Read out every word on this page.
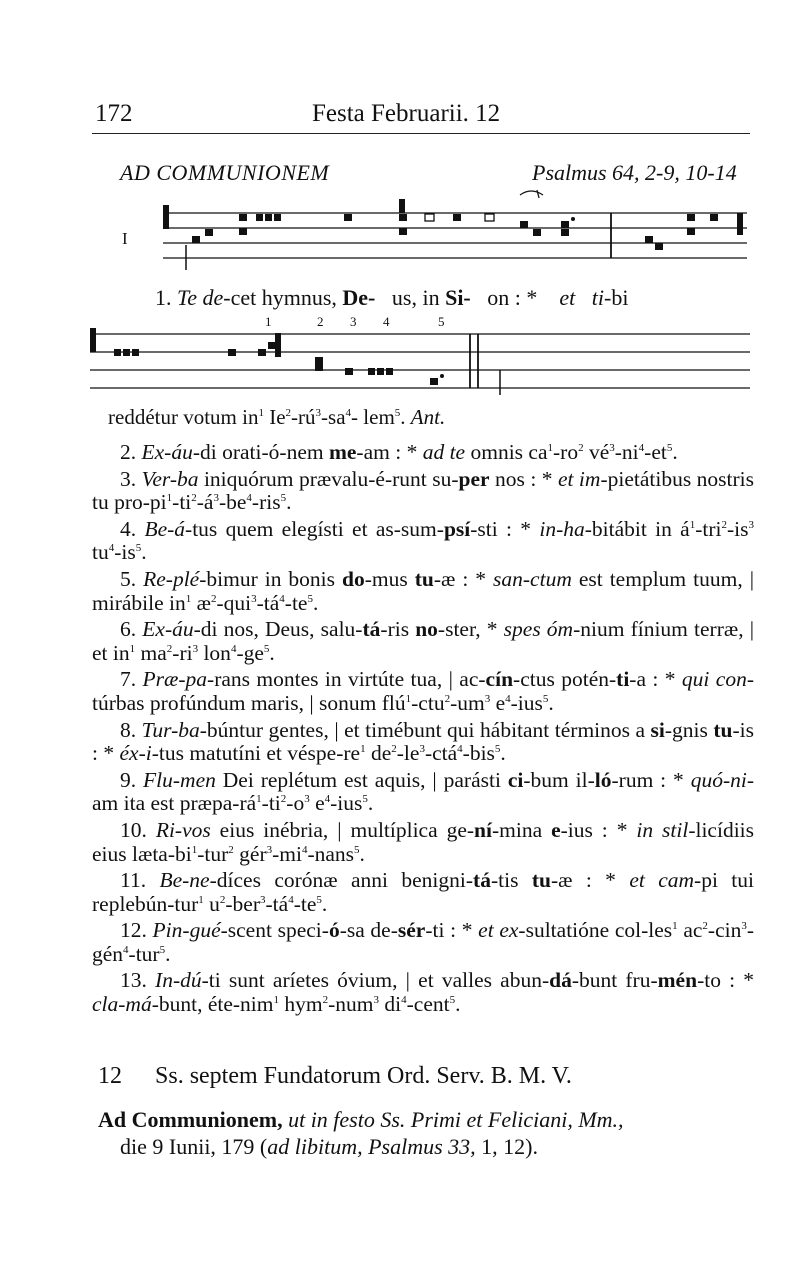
172	Festa Februarii. 12
AD COMMUNIONEM	Psalmus 64, 2-9, 10-14
I
1. Te de-cet hymnus, De- us, in Si- on : * et ti-bi
1	2 3 4	5
reddétur votum $in^1$ $Ie^2-rú^3-sa^4-$ lem$^5$. Ant.

2. Ex-áu-di orati-ó-nem me-am : * ad te omnis $ca^1-ro^2$ $vé^3-ni^4-et^5$.

3. Ver-ba iniquórum prævalu-é-runt su-per nos : * et im-pietátibus nostris tu pro-$pi^1-ti^2-á^3-be^4-ris^5$.

4. Be-á-tus quem elegísti et as-sum-psí-sti : * in-ha-bitábit in $á^1-tri^2-is^3$ $tu^4-is^5$.

5. Re-plé-bimur in bonis do-mus tu-æ : * san-ctum est templum tuum, | mirábile $in^1$ $æ^2-qui^3-tá^4-te^5$.

6. Ex-áu-di nos, Deus, salu-tá-ris no-ster, * spes óm-nium fínium terræ, | et $in^1$ $ma^2-ri^3$ $lon^4-ge^5$.

7. Præ-pa-rans montes in virtúte tua, | ac-cín-ctus potén-ti-a : * qui con-túrbas profúndum maris, | sonum $flú^1-ctu^2-um^3$ $e^4-ius^5$.

8. Tur-ba-búntur gentes, | et timébunt qui hábitant términos a si-gnis tu-is : * éx-i-tus matutíni et véspe-$re^1$ $de^2-le^3-ctá^4-bis^5$.

9. Flu-men Dei replétum est aquis, | parásti ci-bum il-ló-rum : * quó-ni-am ita est præpa-$rá^1-ti^2-o^3$ $e^4-ius^5$.

10. Ri-vos eius inébria, | multíplica ge-ní-mina e-ius : * in stil-licídiis eius læta-$bi^1-tur^2$ $gér^3-mi^4-nans^5$.

11. Be-ne-díces corónæ anni benigni-tá-tis tu-æ : * et cam-pi tui replebún-tur$^1$ $u^2-ber^3-tá^4-te^5$.

12. Pin-gué-scent speci-ó-sa de-sér-ti : * et ex-sultatióne col-les$^1$ $ac^2-cin^3-gén^4-tur^5$.

13. In-dú-ti sunt aríetes óvium, | et valles abun-dá-bunt fru-mén-to : * cla-má-bunt, éte-nim$^1$ hym$^2$-num$^3$ $di^4-cent^5$.

12 Ss. septem Fundatorum Ord. Serv. B. M. V.
Ad Communionem, ut in festo Ss. Primi et Feliciani, Mm.,
die 9 Iunii, 179 (ad libitum, Psalmus 33, 1, 12).
